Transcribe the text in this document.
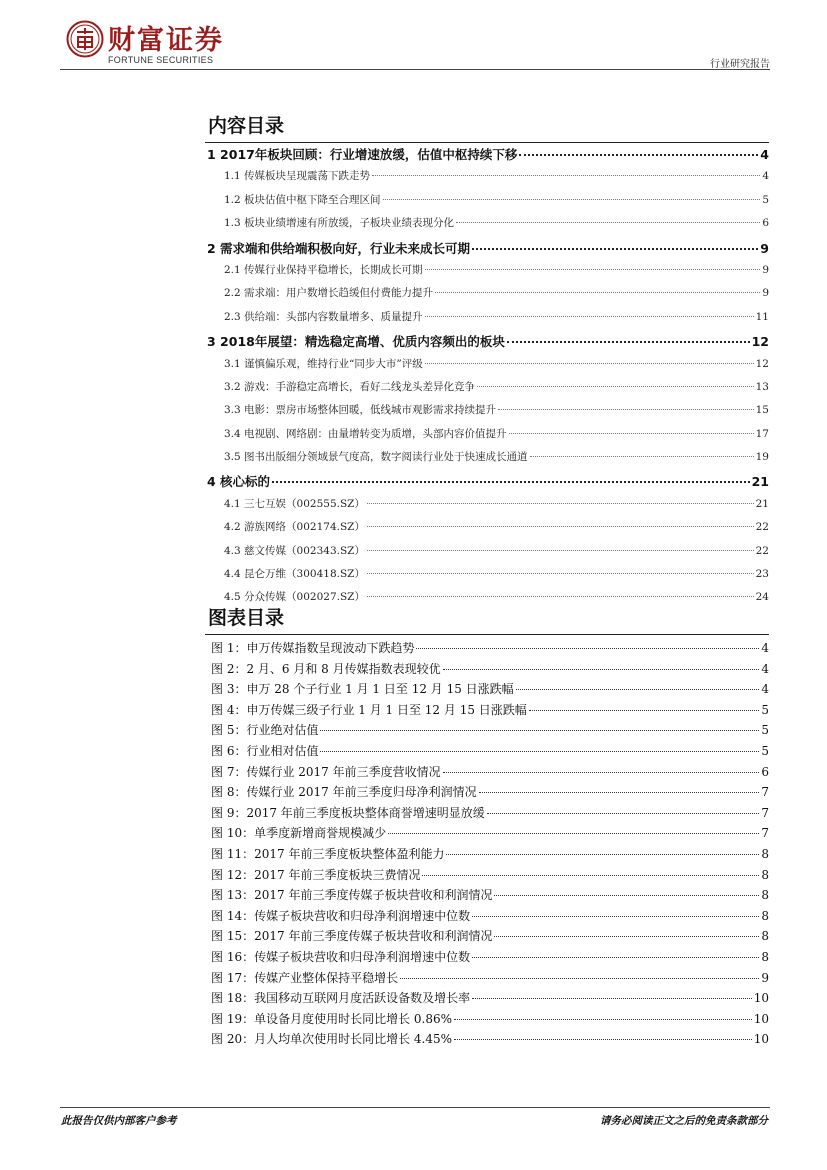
财富证券
FORTUNE SECURITIES	行业研究报告
内容目录
1 2017年板块回顾：行业增速放缓，估值中枢持续下移	4
1.1 传媒板块呈现震荡下跌走势	4
1.2 板块估值中枢下降至合理区间	5
1.3 板块业绩增速有所放缓，子板块业绩表现分化	6
2 需求端和供给端积极向好，行业未来成长可期	9
2.1 传媒行业保持平稳增长，长期成长可期	9
2.2 需求端：用户数增长趋缓但付费能力提升	9
2.3 供给端：头部内容数量增多、质量提升	11
3 2018年展望：精选稳定高增、优质内容频出的板块	12
3.1 谨慎偏乐观，维持行业“同步大市”评级	12
3.2 游戏：手游稳定高增长，看好二线龙头差异化竞争	13
3.3 电影：票房市场整体回暖，低线城市观影需求持续提升	15
3.4 电视剧、网络剧：由量增转变为质增，头部内容价值提升	17
3.5 图书出版细分领域景气度高，数字阅读行业处于快速成长通道	19
4 核心标的	21
4.1 三七互娱（002555.SZ）	21
4.2 游族网络（002174.SZ）	22
4.3 慈文传媒（002343.SZ）	22
4.4 昆仑万维（300418.SZ）	23
4.5 分众传媒（002027.SZ）	24
图表目录
图 1：申万传媒指数呈现波动下跌趋势	4
图 2：2 月、6 月和 8 月传媒指数表现较优	4
图 3：申万 28 个子行业 1 月 1 日至 12 月 15 日涨跌幅	4
图 4：申万传媒三级子行业 1 月 1 日至 12 月 15 日涨跌幅	5
图 5：行业绝对估值	5
图 6：行业相对估值	5
图 7：传媒行业 2017 年前三季度营收情况	6
图 8：传媒行业 2017 年前三季度归母净利润情况	7
图 9：2017 年前三季度板块整体商誉增速明显放缓	7
图 10：单季度新增商誉规模减少	7
图 11：2017 年前三季度板块整体盈利能力	8
图 12：2017 年前三季度板块三费情况	8
图 13：2017 年前三季度传媒子板块营收和利润情况	8
图 14：传媒子板块营收和归母净利润增速中位数	8
图 15：2017 年前三季度传媒子板块营收和利润情况	8
图 16：传媒子板块营收和归母净利润增速中位数	8
图 17：传媒产业整体保持平稳增长	9
图 18：我国移动互联网月度活跃设备数及增长率	10
图 19：单设备月度使用时长同比增长 0.86%	10
图 20：月人均单次使用时长同比增长 4.45%	10
此报告仅供内部客户参考	请务必阅读正文之后的免责条款部分
